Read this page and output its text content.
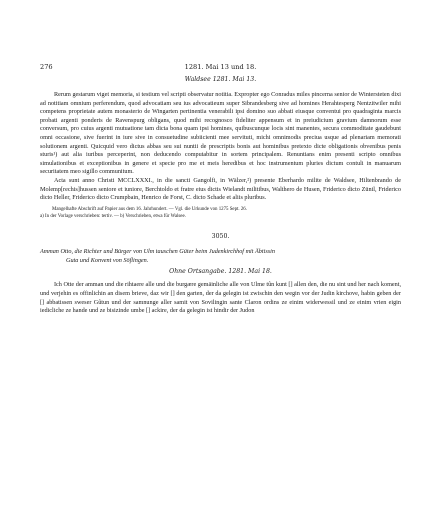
276	1281. Mai 13 und 18.
Waldsee 1281. Mai 13.

Rerum gestarum viget memoria, si testium vel scripti observatur notitia. Expropter ego Conradus miles pincerna senior de Wintersteten dixi ad notitiam omnium perferendum, quod advocatiam seu ius advocatieum super Sibrandesberg sive ad homines Herahtesperg Nentzitwiler mihi competens proprietate autem monasterio de Wingarten pertinentia venerabili ipsi domino suo abbati eiusque conventui pro quadraginta marcis probati argenti ponderis de Ravenspurg obligans, quod mihi recognosco fideliter appensum et in preiudicium gravium damnorum esse conversum, pro cuius argenti mutuatione tam dicta bona quam ipsi homines, quibuscunque locis sint manentes, secura commoditate gaudebunt omni occasione, sive fuerint in iure sive in consuetudine subiicienti mee servituti, michi omnimodis preciua usque ad plenariam memorati solutionem argenti. Quicquid vero dictus abbas seu sui nuntii de prescriptis bonis aut hominibus pretexto dicte obligationis obvenibus penis sturis¹) aut alia iuribus perceperint, non deducendo computabitur in sortem principalem. Renuntians enim presenti scripto omnibus simulationibus et exceptionibus in genere et specie pro me et meis heredibus et hoc instrumentum pluries dictum contuli in manuarum securitatem meo sigillo communitum.

Acta sunt anno Christi MCCLXXXI., in die sancti Gangolfi, in Wälzer,²) presente Eberhardo milite de Waldsee, Hiltenbrando de Molemp[rechis]hussen seniore et iuniore, Berchtoldo et fratre eius dictis Wielandt militibus, Walthero de Husen, Friderico dicto Zünil, Friderico dicto Heller, Friderico dicto Crumpbain, Henrico de Forst, C. dicto Schade et aliis pluribus.

Mangelhafte Abschrift auf Papier aus dem 16. Jahrhundert. — Vgl. die Urkunde von 1275 Sept. 26.

a) In der Vorlage verschrieben: tertiv. — b) Verschrieben, etwa für Walsee.

3050.
Amman Otto, die Richter und Bürger von Ulm tauschen Güter beim Judenkirchhof mit Äbtissin
Guta und Konvent von Söflingen.
Ohne Ortsangabe. 1281. Mai 18.

Ich Otte der amman und die rihtaere alle und die burgære gemäinliche alle von Ulme tûn kunt [] allen den, die nu sint und her nach koment, und verjehin es offinlichin an disem brieve, daz wir [] den garten, der da gelegin ist zwischin den wegin vor der Judin kirchove, habin geben der [] abbatissen sweser Gûtun und der samnunge aller samit von Sovilingin sante Claron ordins ze einim widerwessil und ze einim vrien eigin iedicliche ze hande und ze bisizinde umbe [] ackire, der da gelegin ist hindir der Judon
